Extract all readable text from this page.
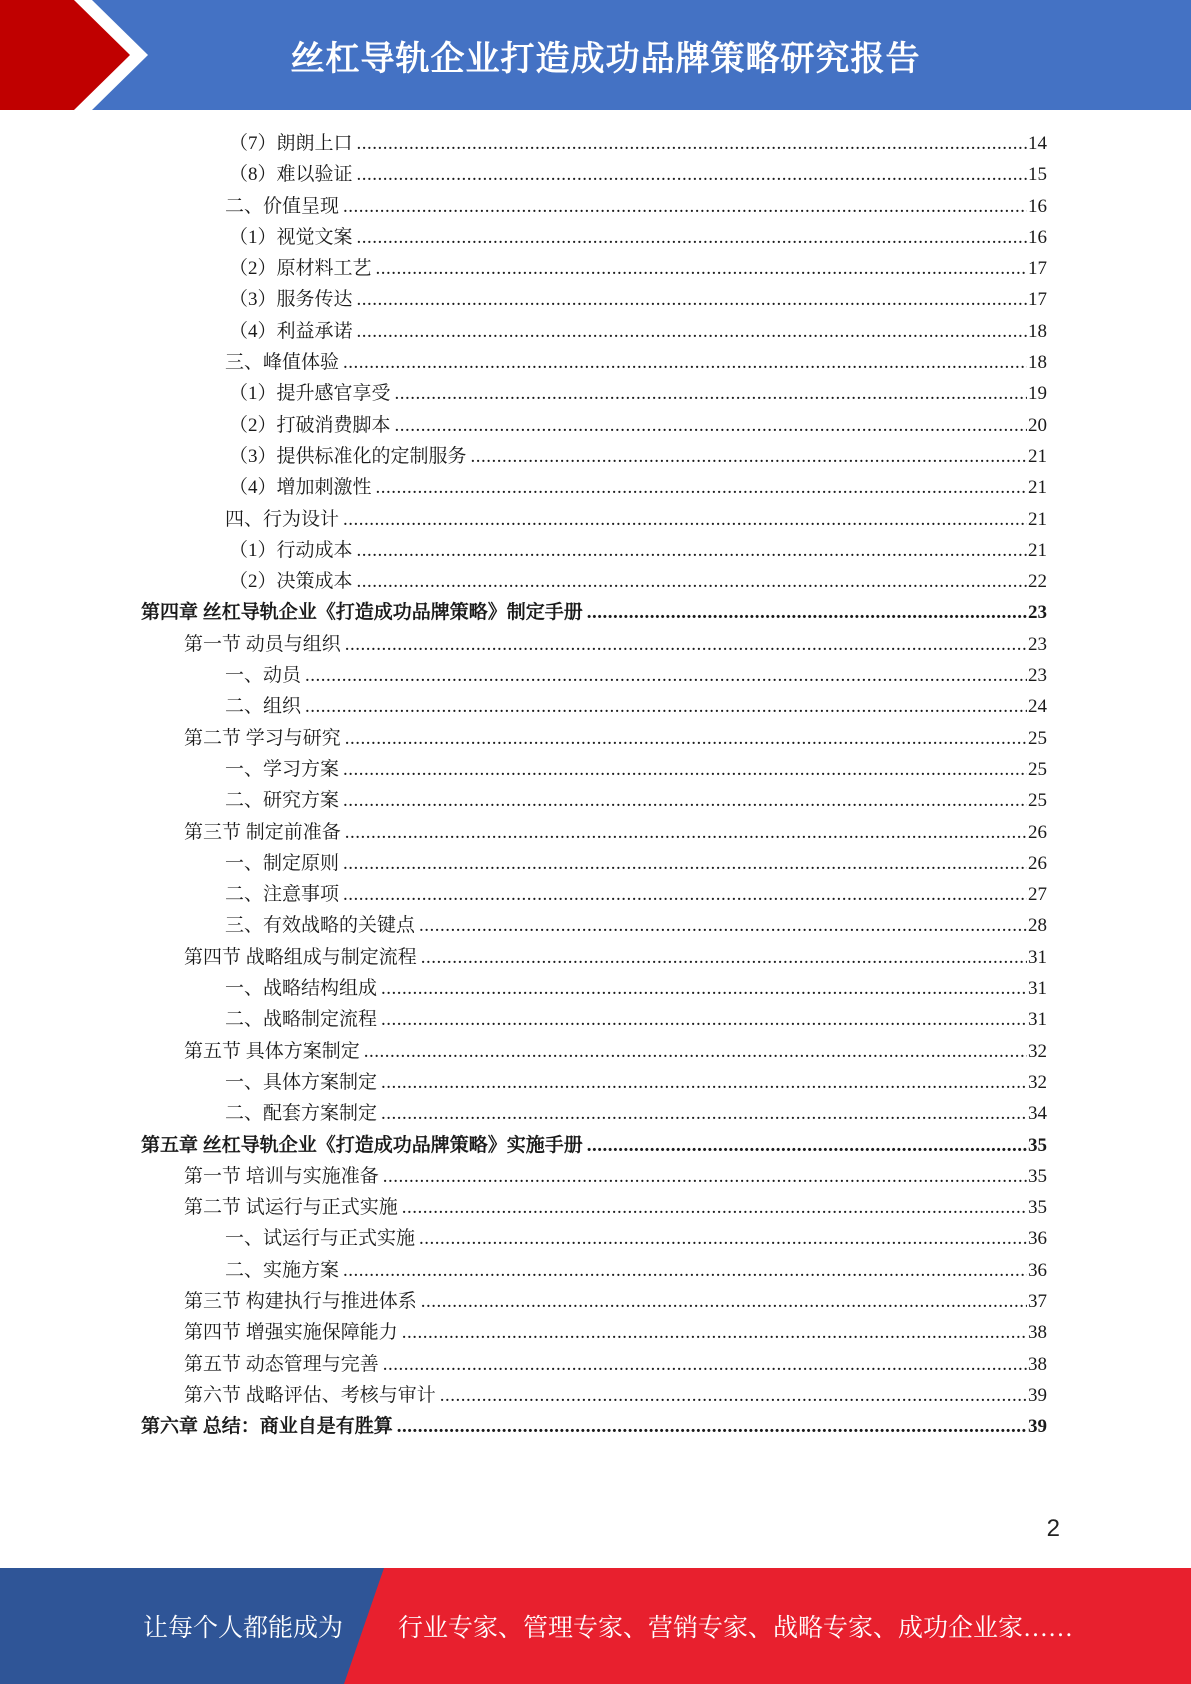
丝杠导轨企业打造成功品牌策略研究报告
（7）朗朗上口 .....	14
（8）难以验证 .....	15
二、价值呈现 .....	16
（1）视觉文案 .....	16
（2）原材料工艺 .....	17
（3）服务传达 .....	17
（4）利益承诺 .....	18
三、峰值体验 .....	18
（1）提升感官享受 .....	19
（2）打破消费脚本 .....	20
（3）提供标准化的定制服务 .....	21
（4）增加刺激性 .....	21
四、行为设计 .....	21
（1）行动成本 .....	21
（2）决策成本 .....	22
第四章 丝杠导轨企业《打造成功品牌策略》制定手册 .....	23
第一节 动员与组织 .....	23
一、动员 .....	23
二、组织 .....	24
第二节 学习与研究 .....	25
一、学习方案 .....	25
二、研究方案 .....	25
第三节 制定前准备 .....	26
一、制定原则 .....	26
二、注意事项 .....	27
三、有效战略的关键点 .....	28
第四节 战略组成与制定流程 .....	31
一、战略结构组成 .....	31
二、战略制定流程 .....	31
第五节 具体方案制定 .....	32
一、具体方案制定 .....	32
二、配套方案制定 .....	34
第五章 丝杠导轨企业《打造成功品牌策略》实施手册 .....	35
第一节 培训与实施准备 .....	35
第二节 试运行与正式实施 .....	35
一、试运行与正式实施 .....	36
二、实施方案 .....	36
第三节 构建执行与推进体系 .....	37
第四节 增强实施保障能力 .....	38
第五节 动态管理与完善 .....	38
第六节 战略评估、考核与审计 .....	39
第六章 总结：商业自是有胜算 .....	39
2
让每个人都能成为 行业专家、管理专家、营销专家、战略专家、成功企业家……
